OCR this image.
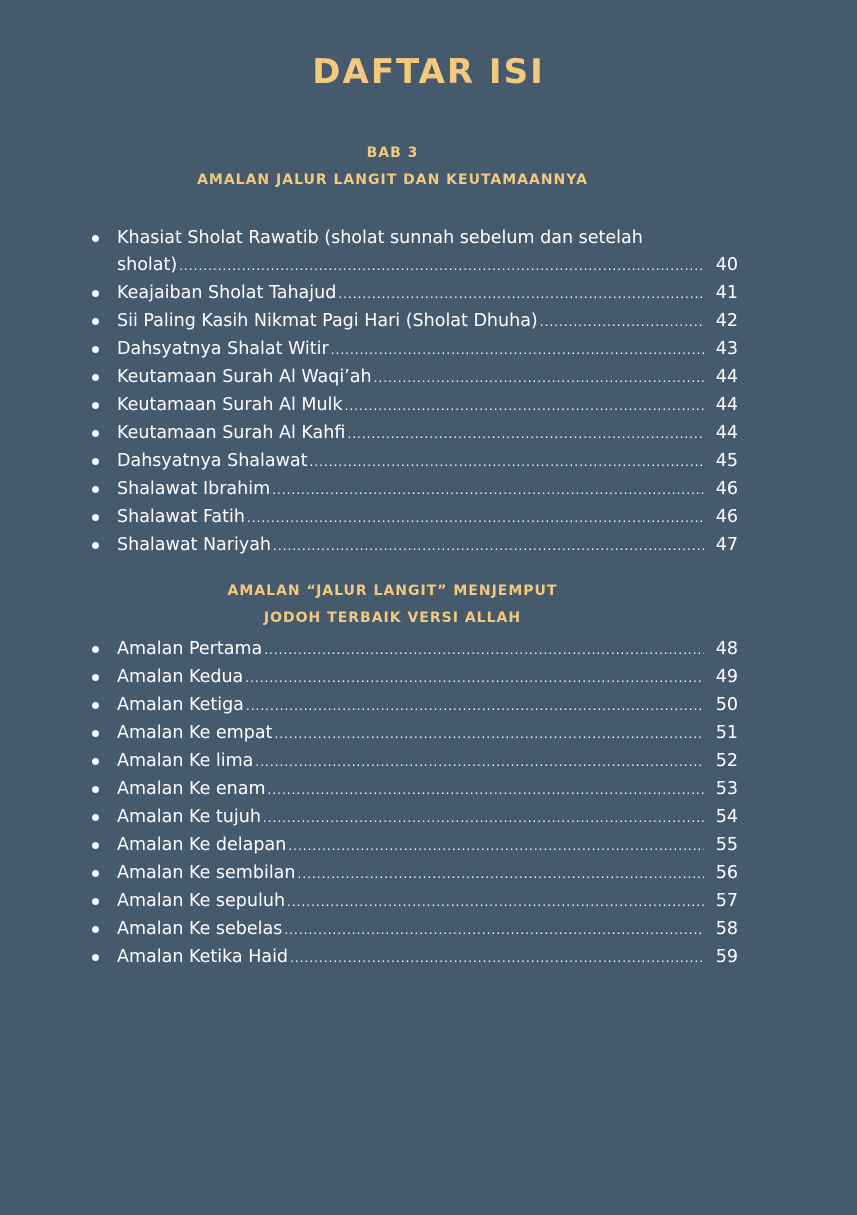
DAFTAR ISI
BAB 3
AMALAN JALUR LANGIT DAN KEUTAMAANNYA
Khasiat Sholat Rawatib (sholat sunnah sebelum dan setelah
sholat) .....	40
Keajaiban Sholat Tahajud .....	41
Sii Paling Kasih Nikmat Pagi Hari (Sholat Dhuha) .....	42
Dahsyatnya Shalat Witir .....	43
Keutamaan Surah Al Waqi’ah .....	44
Keutamaan Surah Al Mulk .....	44
Keutamaan Surah Al Kahfi .....	44
Dahsyatnya Shalawat .....	45
Shalawat Ibrahim .....	46
Shalawat Fatih .....	46
Shalawat Nariyah .....	47
AMALAN “JALUR LANGIT” MENJEMPUT
JODOH TERBAIK VERSI ALLAH
Amalan Pertama .....	48
Amalan Kedua .....	49
Amalan Ketiga .....	50
Amalan Ke empat .....	51
Amalan Ke lima .....	52
Amalan Ke enam .....	53
Amalan Ke tujuh .....	54
Amalan Ke delapan .....	55
Amalan Ke sembilan .....	56
Amalan Ke sepuluh .....	57
Amalan Ke sebelas .....	58
Amalan Ketika Haid .....	59
